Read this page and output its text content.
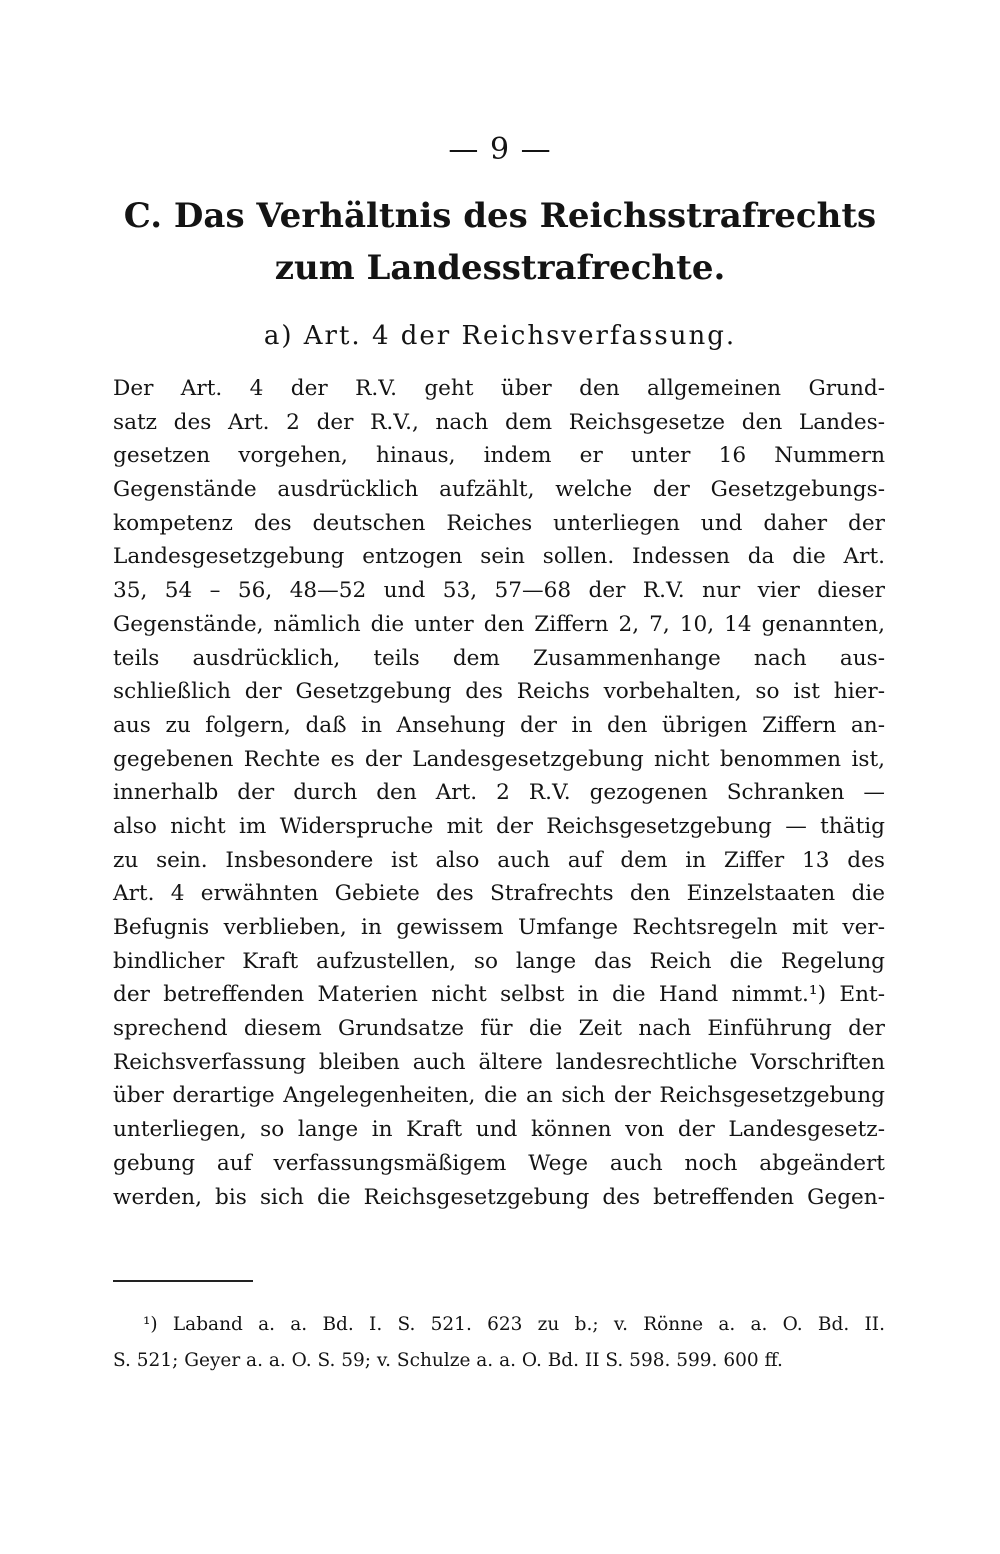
— 9 —
C. Das Verhältnis des Reichsstrafrechts
zum Landesstrafrechte.
a) Art. 4 der Reichsverfassung.
Der Art. 4 der R.V. geht über den allgemeinen Grund-
satz des Art. 2 der R.V., nach dem Reichsgesetze den Landes-
gesetzen vorgehen, hinaus, indem er unter 16 Nummern
Gegenstände ausdrücklich aufzählt, welche der Gesetzgebungs-
kompetenz des deutschen Reiches unterliegen und daher der
Landesgesetzgebung entzogen sein sollen. Indessen da die Art.
35, 54 – 56, 48—52 und 53, 57—68 der R.V. nur vier dieser
Gegenstände, nämlich die unter den Ziffern 2, 7, 10, 14 genannten,
teils ausdrücklich, teils dem Zusammenhange nach aus-
schließlich der Gesetzgebung des Reichs vorbehalten, so ist hier-
aus zu folgern, daß in Ansehung der in den übrigen Ziffern an-
gegebenen Rechte es der Landesgesetzgebung nicht benommen ist,
innerhalb der durch den Art. 2 R.V. gezogenen Schranken —
also nicht im Widerspruche mit der Reichsgesetzgebung — thätig
zu sein. Insbesondere ist also auch auf dem in Ziffer 13 des
Art. 4 erwähnten Gebiete des Strafrechts den Einzelstaaten die
Befugnis verblieben, in gewissem Umfange Rechtsregeln mit ver-
bindlicher Kraft aufzustellen, so lange das Reich die Regelung
der betreffenden Materien nicht selbst in die Hand nimmt.¹) Ent-
sprechend diesem Grundsatze für die Zeit nach Einführung der
Reichsverfassung bleiben auch ältere landesrechtliche Vorschriften
über derartige Angelegenheiten, die an sich der Reichsgesetzgebung
unterliegen, so lange in Kraft und können von der Landesgesetz-
gebung auf verfassungsmäßigem Wege auch noch abgeändert
werden, bis sich die Reichsgesetzgebung des betreffenden Gegen-
¹) Laband a. a. Bd. I. S. 521. 623 zu b.; v. Rönne a. a. O. Bd. II.
S. 521; Geyer a. a. O. S. 59; v. Schulze a. a. O. Bd. II S. 598. 599. 600 ff.
